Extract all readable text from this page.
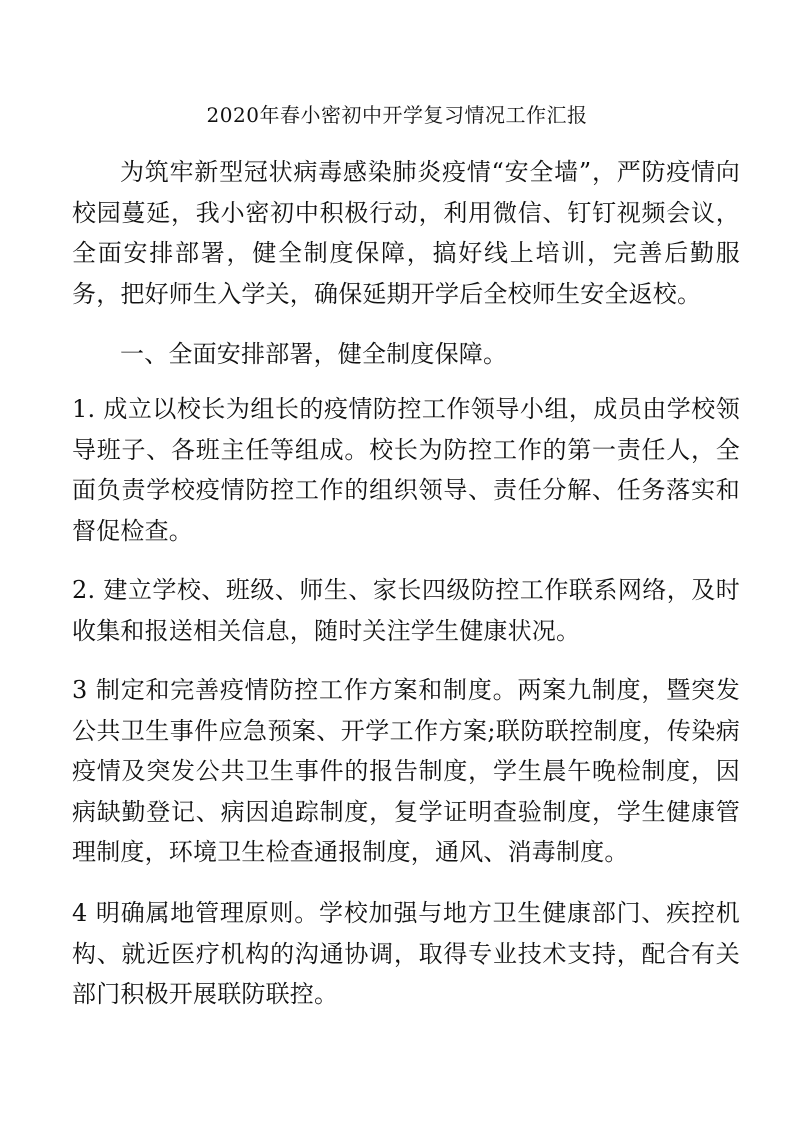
2020年春小密初中开学复习情况工作汇报
为筑牢新型冠状病毒感染肺炎疫情“安全墙”，严防疫情向校园蔓延，我小密初中积极行动，利用微信、钉钉视频会议，全面安排部署，健全制度保障，搞好线上培训，完善后勤服务，把好师生入学关，确保延期开学后全校师生安全返校。
一、全面安排部署，健全制度保障。
1. 成立以校长为组长的疫情防控工作领导小组，成员由学校领导班子、各班主任等组成。校长为防控工作的第一责任人，全面负责学校疫情防控工作的组织领导、责任分解、任务落实和督促检查。
2. 建立学校、班级、师生、家长四级防控工作联系网络，及时收集和报送相关信息，随时关注学生健康状况。
3 制定和完善疫情防控工作方案和制度。两案九制度，暨突发公共卫生事件应急预案、开学工作方案;联防联控制度，传染病疫情及突发公共卫生事件的报告制度，学生晨午晚检制度，因病缺勤登记、病因追踪制度，复学证明查验制度，学生健康管理制度，环境卫生检查通报制度，通风、消毒制度。
4 明确属地管理原则。学校加强与地方卫生健康部门、疾控机构、就近医疗机构的沟通协调，取得专业技术支持，配合有关部门积极开展联防联控。
